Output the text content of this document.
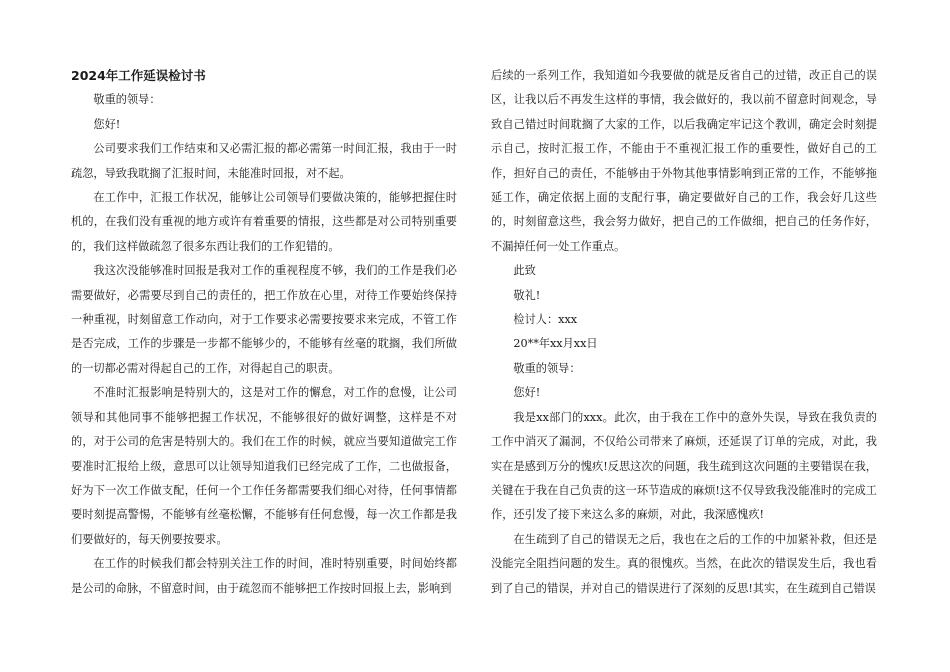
2024年工作延误检讨书

敬重的领导：

您好!

公司要求我们工作结束和又必需汇报的都必需第一时间汇报，我由于一时疏忽，导致我耽搁了汇报时间，未能准时回报，对不起。

在工作中，汇报工作状况，能够让公司领导们要做决策的，能够把握住时机的，在我们没有重视的地方或许有着重要的情报，这些都是对公司特别重要的，我们这样做疏忽了很多东西让我们的工作犯错的。

我这次没能够准时回报是我对工作的重视程度不够，我们的工作是我们必需要做好，必需要尽到自己的责任的，把工作放在心里，对待工作要始终保持一种重视，时刻留意工作动向，对于工作要求必需要按要求来完成，不管工作是否完成，工作的步骤是一步都不能够少的，不能够有丝毫的耽搁，我们所做的一切都必需对得起自己的工作，对得起自己的职责。

不准时汇报影响是特别大的，这是对工作的懈怠，对工作的怠慢，让公司领导和其他同事不能够把握工作状况，不能够很好的做好调整，这样是不对的，对于公司的危害是特别大的。我们在工作的时候，就应当要知道做完工作要准时汇报给上级，意思可以让领导知道我们已经完成了工作，二也做报备，好为下一次工作做支配，任何一个工作任务都需要我们细心对待，任何事情都要时刻提高警惕，不能够有丝毫松懈，不能够有任何怠慢，每一次工作都是我们要做好的，每天例要按要求。

在工作的时候我们都会特别关注工作的时间，准时特别重要，时间始终都是公司的命脉，不留意时间，由于疏忽而不能够把工作按时回报上去，影响到

后续的一系列工作，我知道如今我要做的就是反省自己的过错，改正自己的误区，让我以后不再发生这样的事情，我会做好的，我以前不留意时间观念，导致自己错过时间耽搁了大家的工作，以后我确定牢记这个教训，确定会时刻提示自己，按时汇报工作，不能由于不重视汇报工作的重要性，做好自己的工作，担好自己的责任，不能够由于外物其他事情影响到正常的工作，不能够拖延工作，确定依据上面的支配行事，确定要做好自己的工作，我会好几这些的，时刻留意这些，我会努力做好，把自己的工作做细，把自己的任务作好，不漏掉任何一处工作重点。

此致

敬礼!

检讨人：xxx

20**年xx月xx日

敬重的领导：

您好!

我是xx部门的xxx。此次，由于我在工作中的意外失误，导致在我负责的工作中消灭了漏洞，不仅给公司带来了麻烦，还延误了订单的完成，对此，我实在是感到万分的愧疚!反思这次的问题，我生疏到这次问题的主要错误在我，关键在于我在自己负责的这一环节造成的麻烦!这不仅导致我没能准时的完成工作，还引发了接下来这么多的麻烦，对此，我深感愧疚!

在生疏到了自己的错误无之后，我也在之后的工作的中加紧补救，但还是没能完全阻挡问题的发生。真的很愧疚。当然，在此次的错误发生后，我也看到了自己的错误，并对自己的错误进行了深刻的反思!其实，在生疏到自己错误
